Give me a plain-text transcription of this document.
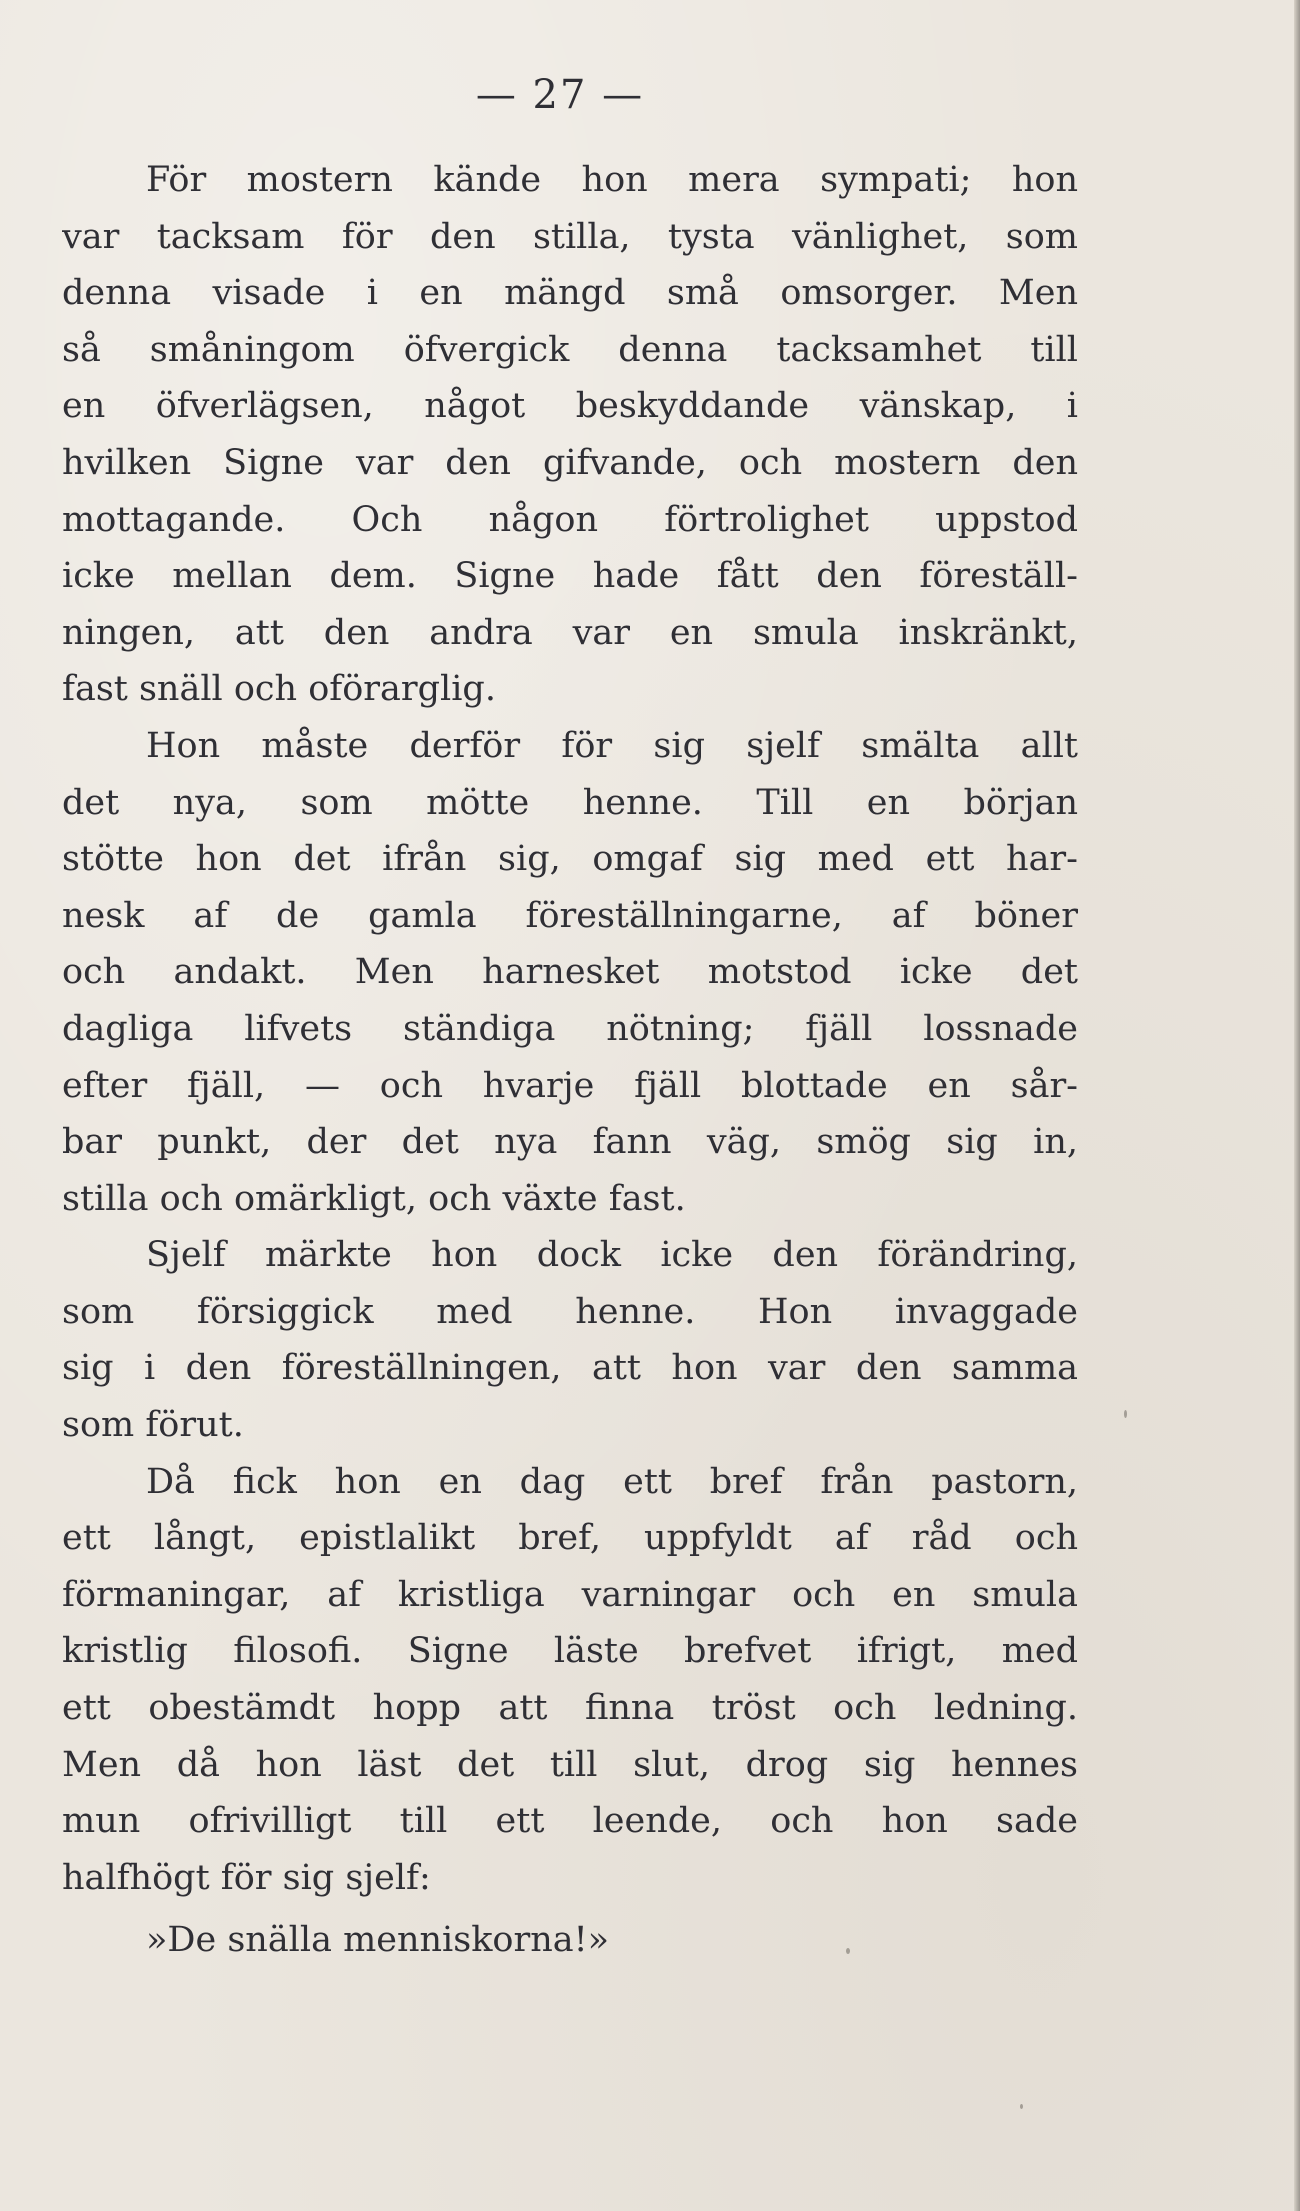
— 27 —
För mostern kände hon mera sympati; hon
var tacksam för den stilla, tysta vänlighet, som
denna visade i en mängd små omsorger. Men
så småningom öfvergick denna tacksamhet till
en öfverlägsen, något beskyddande vänskap, i
hvilken Signe var den gifvande, och mostern den
mottagande. Och någon förtrolighet uppstod
icke mellan dem. Signe hade fått den föreställ-
ningen, att den andra var en smula inskränkt,
fast snäll och oförarglig.
Hon måste derför för sig sjelf smälta allt
det nya, som mötte henne. Till en början
stötte hon det ifrån sig, omgaf sig med ett har-
nesk af de gamla föreställningarne, af böner
och andakt. Men harnesket motstod icke det
dagliga lifvets ständiga nötning; fjäll lossnade
efter fjäll, — och hvarje fjäll blottade en sår-
bar punkt, der det nya fann väg, smög sig in,
stilla och omärkligt, och växte fast.
Sjelf märkte hon dock icke den förändring,
som försiggick med henne. Hon invaggade
sig i den föreställningen, att hon var den samma
som förut.
Då fick hon en dag ett bref från pastorn,
ett långt, epistlalikt bref, uppfyldt af råd och
förmaningar, af kristliga varningar och en smula
kristlig filosofi. Signe läste brefvet ifrigt, med
ett obestämdt hopp att finna tröst och ledning.
Men då hon läst det till slut, drog sig hennes
mun ofrivilligt till ett leende, och hon sade
halfhögt för sig sjelf:
»De snälla menniskorna!»
